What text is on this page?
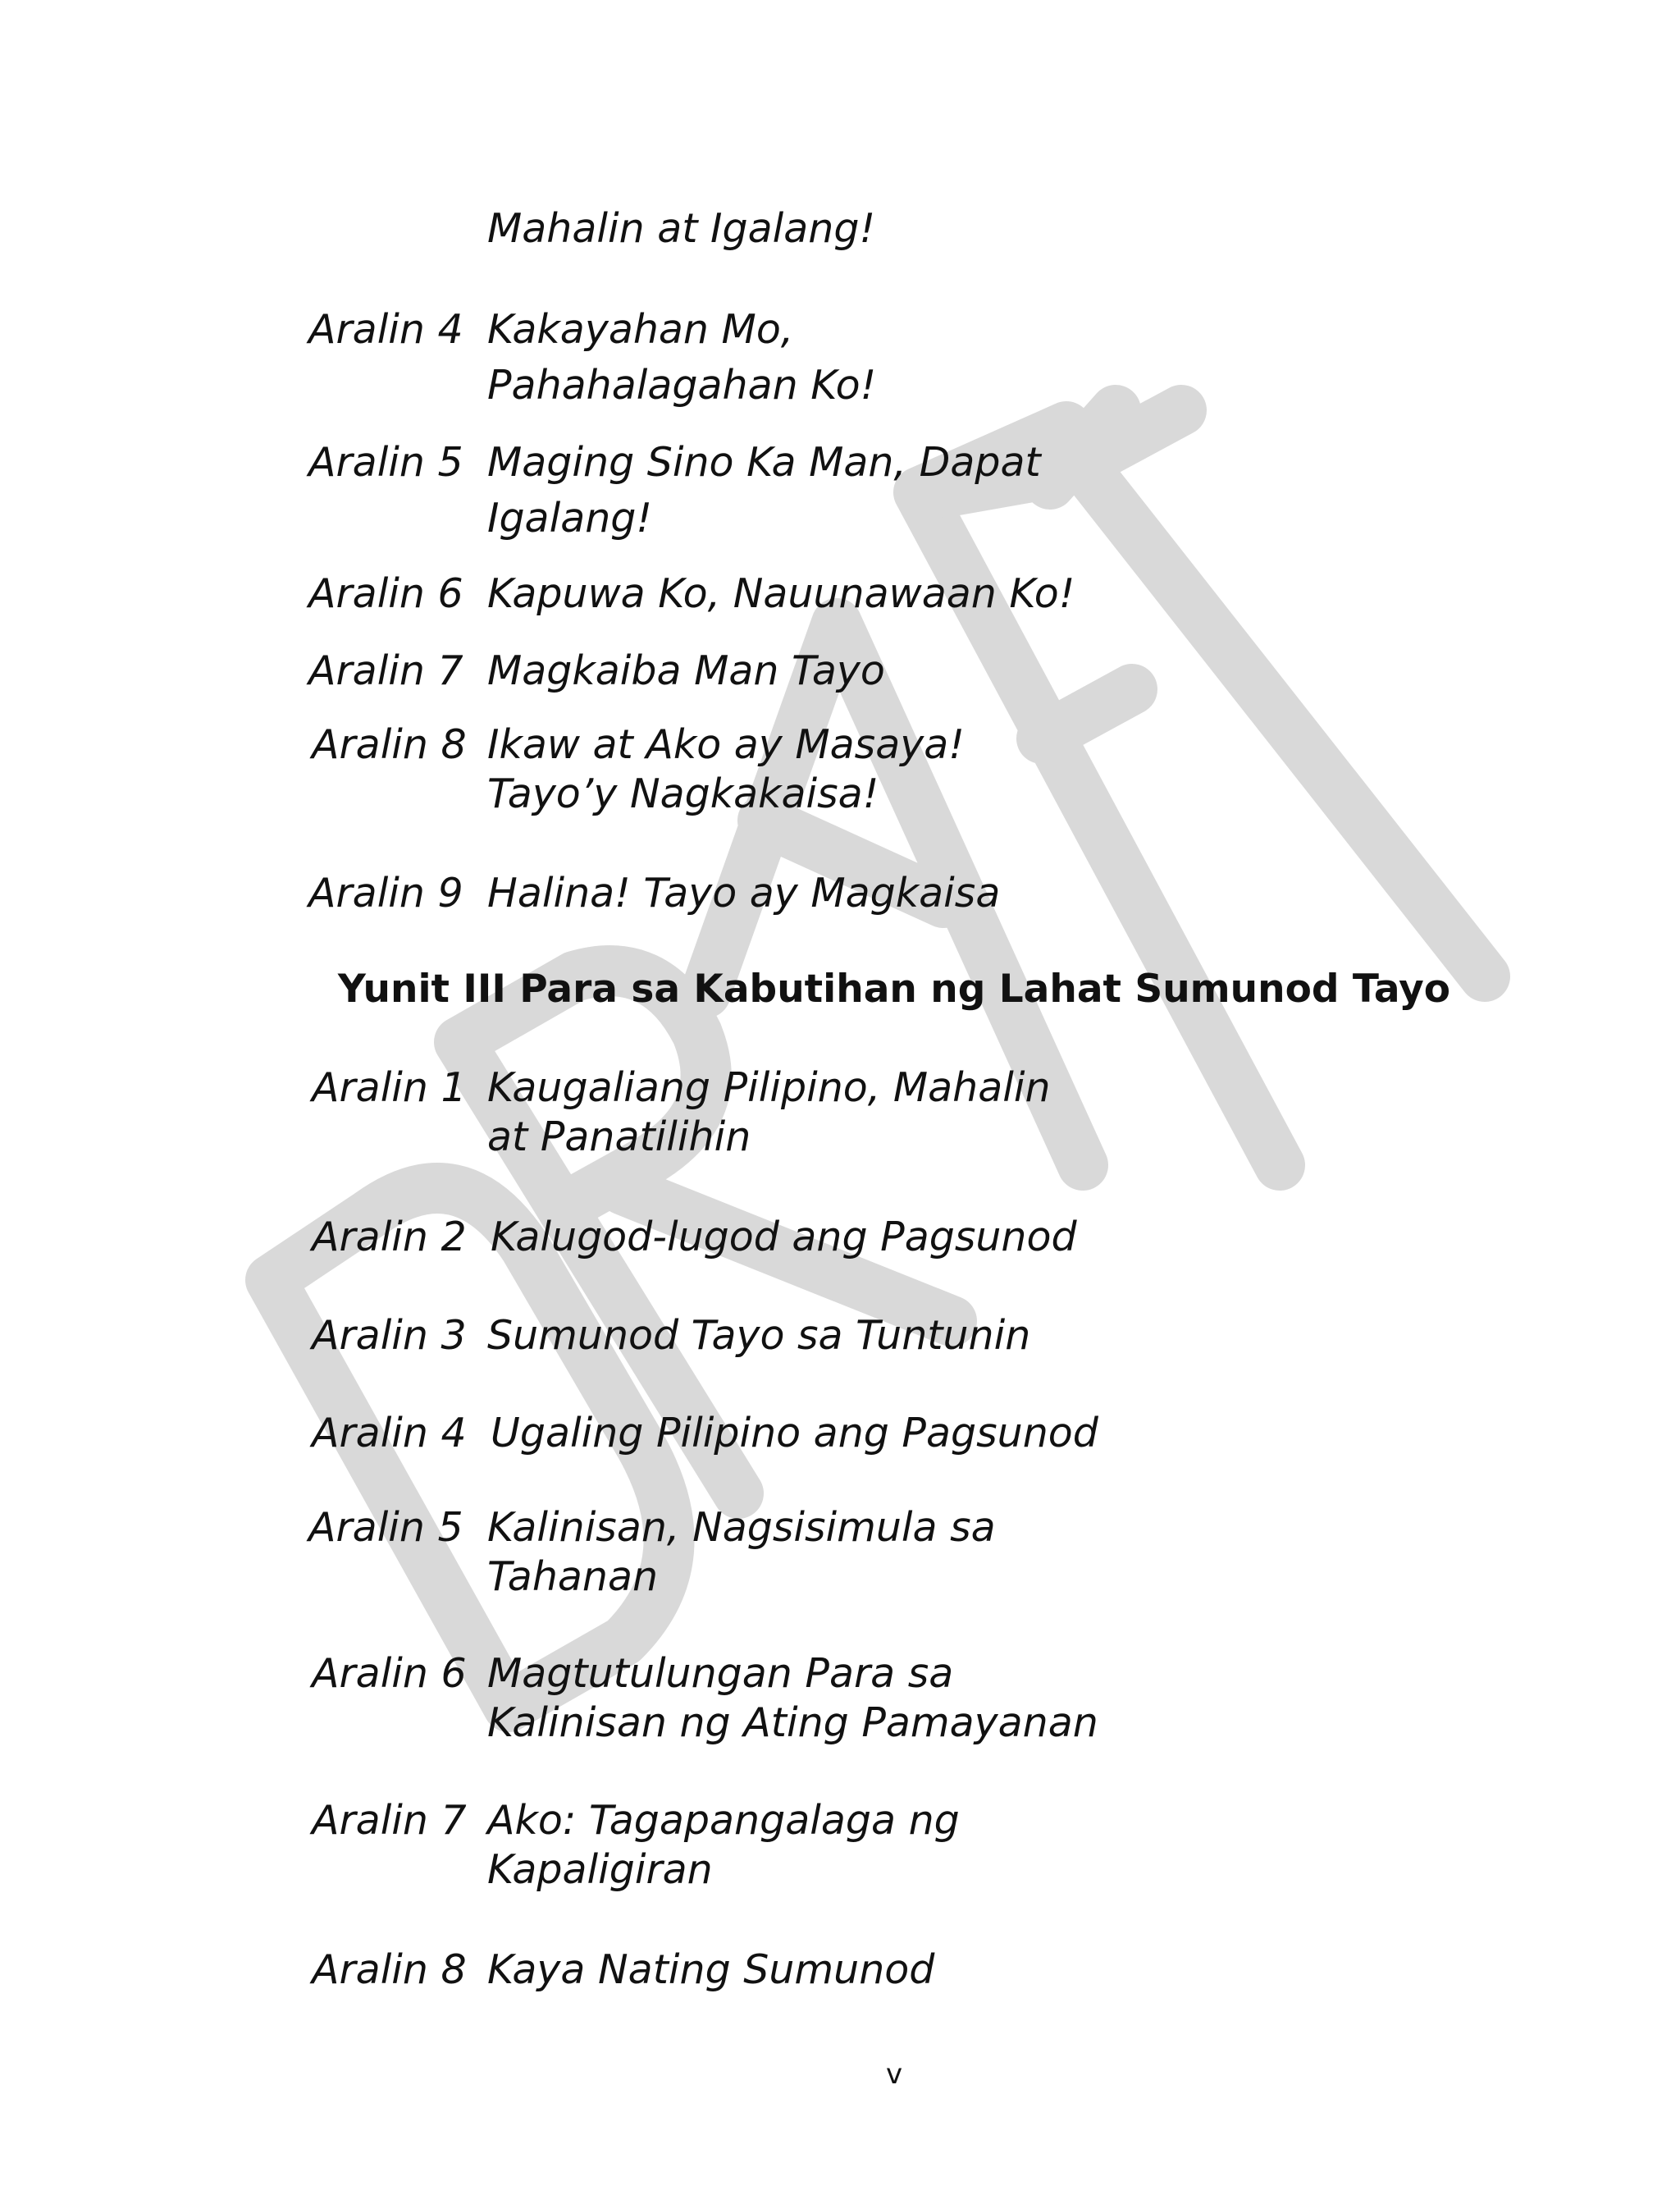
Mahalin at Igalang!
Aralin 4 Kakayahan Mo,
Pahahalagahan Ko!
Aralin 5 Maging Sino Ka Man, Dapat
Igalang!
Aralin 6 Kapuwa Ko, Nauunawaan Ko!
Aralin 7 Magkaiba Man Tayo
Aralin 8 Ikaw at Ako ay Masaya!
Tayo’y Nagkakaisa!
Aralin 9 Halina! Tayo ay Magkaisa
Yunit III Para sa Kabutihan ng Lahat Sumunod Tayo
Aralin 1 Kaugaliang Pilipino, Mahalin
at Panatilihin
Aralin 2 Kalugod-lugod ang Pagsunod
Aralin 3 Sumunod Tayo sa Tuntunin
Aralin 4 Ugaling Pilipino ang Pagsunod
Aralin 5 Kalinisan, Nagsisimula sa
Tahanan
Aralin 6 Magtutulungan Para sa
Kalinisan ng Ating Pamayanan
Aralin 7 Ako: Tagapangalaga ng
Kapaligiran
Aralin 8 Kaya Nating Sumunod
v
